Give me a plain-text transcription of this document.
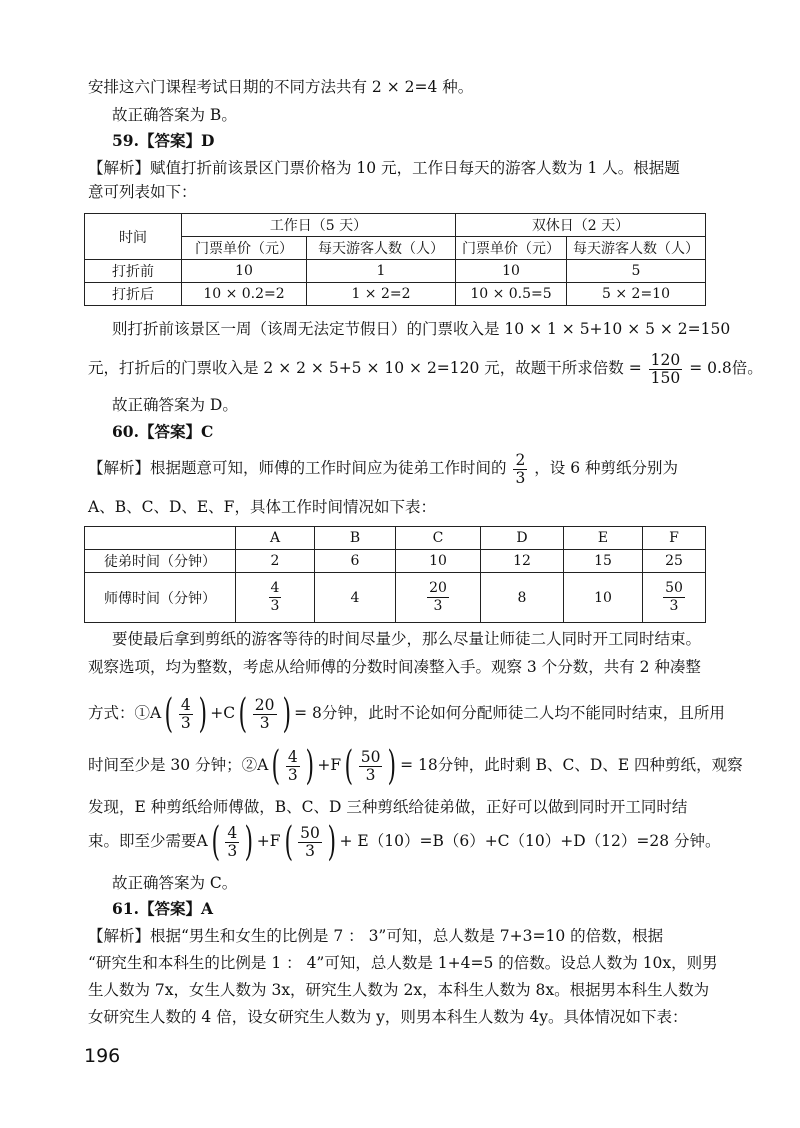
安排这六门课程考试日期的不同方法共有 2 × 2=4 种。
故正确答案为 B。
59.【答案】D
【解析】赋值打折前该景区门票价格为 10 元，工作日每天的游客人数为 1 人。根据题
意可列表如下：
时间	工作日（5 天）		双休日（2 天）	
	门票单价（元）	每天游客人数（人）	门票单价（元）	每天游客人数（人）
打折前	10	1	10	5
打折后	10 × 0.2=2	1 × 2=2	10 × 0.5=5	5 × 2=10
则打折前该景区一周（该周无法定节假日）的门票收入是 10 × 1 × 5+10 × 5 × 2=150
元，打折后的门票收入是 2 × 2 × 5+5 × 10 × 2=120 元，故题干所求倍数 = $\frac{120}{150} = 0.8$倍。
故正确答案为 D。
60.【答案】C
【解析】根据题意可知，师傅的工作时间应为徒弟工作时间的 $\frac{2}{3}$ ，设 6 种剪纸分别为
A、B、C、D、E、F，具体工作时间情况如下表：
	A	B	C	D	E	F
徒弟时间（分钟）	2	6	10	12	15	25
师傅时间（分钟）	$\frac{4}{3}$	4	$\frac{20}{3}$	8	10	$\frac{50}{3}$
要使最后拿到剪纸的游客等待的时间尽量少，那么尽量让师徒二人同时开工同时结束。
观察选项，均为整数，考虑从给师傅的分数时间凑整入手。观察 3 个分数，共有 2 种凑整
方式：①A ( $\frac{4}{3}$ ) +C ( $\frac{20}{3}$ ) = 8分钟，此时不论如何分配师徒二人均不能同时结束，且所用
时间至少是 30 分钟；②A ( $\frac{4}{3}$ ) +F ( $\frac{50}{3}$ ) = 18分钟，此时剩 B、C、D、E 四种剪纸，观察
发现，E 种剪纸给师傅做，B、C、D 三种剪纸给徒弟做，正好可以做到同时开工同时结
束。即至少需要A ( $\frac{4}{3}$ ) +F ( $\frac{50}{3}$ ) + E（10）=B（6）+C（10）+D（12）=28 分钟。
故正确答案为 C。
61.【答案】A
【解析】根据“男生和女生的比例是 7 ： 3”可知，总人数是 7+3=10 的倍数，根据
“研究生和本科生的比例是 1 ： 4”可知，总人数是 1+4=5 的倍数。设总人数为 10x，则男
生人数为 7x，女生人数为 3x，研究生人数为 2x，本科生人数为 8x。根据男本科生人数为
女研究生人数的 4 倍，设女研究生人数为 y，则男本科生人数为 4y。具体情况如下表：
196
